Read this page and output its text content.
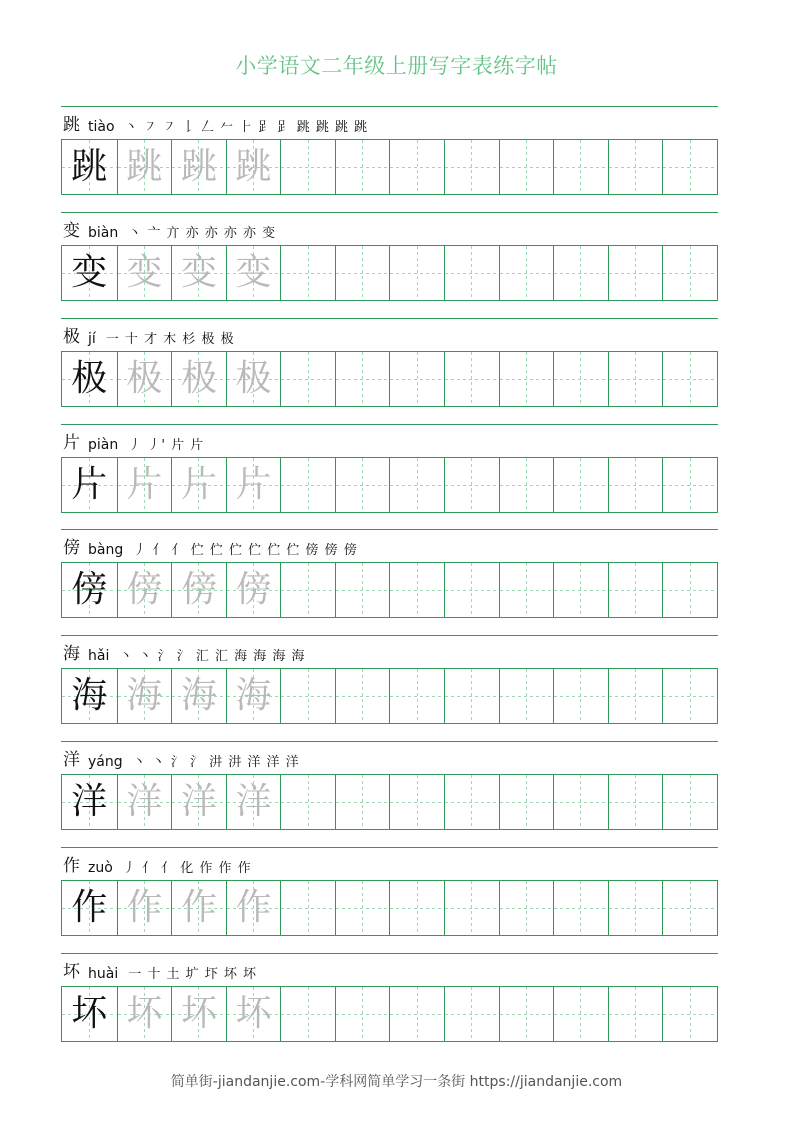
小学语文二年级上册写字表练字帖
跳 tiào 丶 ㇇ ㇇ 𠄌 𠃋 𠂉 ⺊ 𧾷 𧾷 跳 跳 跳 跳
跳 跳 跳 跳
变 biàn 丶 亠 亣 亦 亦 亦 亦 变
变 变 变 变
极 jí 一 十 才 木 杉 极 极
极 极 极 极
片 piàn 丿 丿' 片 片
片 片 片 片
傍 bàng 丿 亻 亻 伫 伫 伫 伫 伫 伫 傍 傍 傍
傍 傍 傍 傍
海 hǎi 丶 丶 氵 氵 汇 汇 海 海 海 海
海 海 海 海
洋 yáng 丶 丶 氵 氵 汫 汫 洋 洋 洋
洋 洋 洋 洋
作 zuò 丿 亻 亻 化 作 作 作
作 作 作 作
坏 huài 一 十 土 圹 圷 坏 坏
坏 坏 坏 坏
简单街-jiandanjie.com-学科网简单学习一条街 https://jiandanjie.com
